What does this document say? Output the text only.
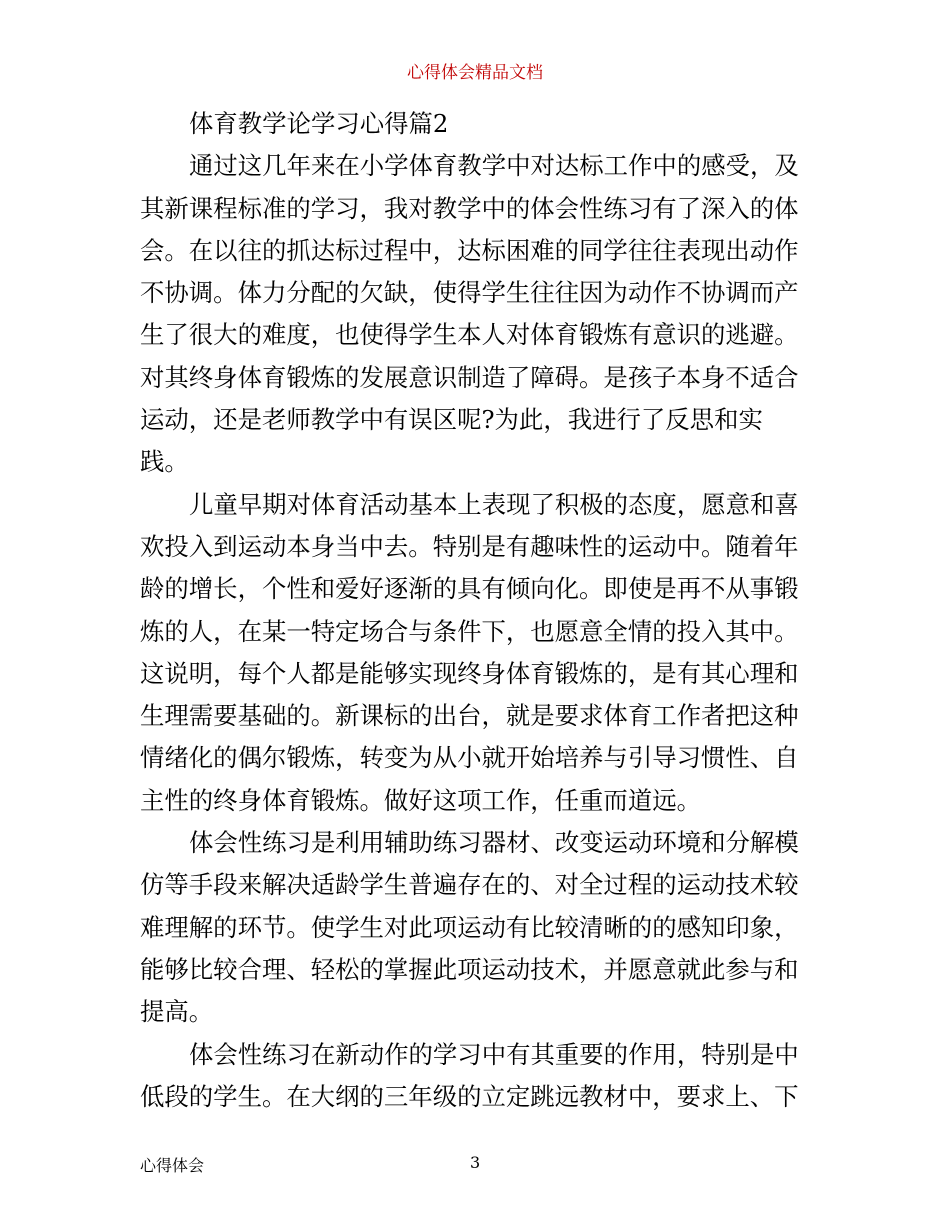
心得体会精品文档
体育教学论学习心得篇2
通过这几年来在小学体育教学中对达标工作中的感受，及
其新课程标准的学习，我对教学中的体会性练习有了深入的体
会。在以往的抓达标过程中，达标困难的同学往往表现出动作
不协调。体力分配的欠缺，使得学生往往因为动作不协调而产
生了很大的难度，也使得学生本人对体育锻炼有意识的逃避。
对其终身体育锻炼的发展意识制造了障碍。是孩子本身不适合
运动，还是老师教学中有误区呢?为此，我进行了反思和实
践。
儿童早期对体育活动基本上表现了积极的态度，愿意和喜
欢投入到运动本身当中去。特别是有趣味性的运动中。随着年
龄的增长，个性和爱好逐渐的具有倾向化。即使是再不从事锻
炼的人，在某一特定场合与条件下，也愿意全情的投入其中。
这说明，每个人都是能够实现终身体育锻炼的，是有其心理和
生理需要基础的。新课标的出台，就是要求体育工作者把这种
情绪化的偶尔锻炼，转变为从小就开始培养与引导习惯性、自
主性的终身体育锻炼。做好这项工作，任重而道远。
体会性练习是利用辅助练习器材、改变运动环境和分解模
仿等手段来解决适龄学生普遍存在的、对全过程的运动技术较
难理解的环节。使学生对此项运动有比较清晰的的感知印象，
能够比较合理、轻松的掌握此项运动技术，并愿意就此参与和
提高。
体会性练习在新动作的学习中有其重要的作用，特别是中
低段的学生。在大纲的三年级的立定跳远教材中，要求上、下
心得体会	3
